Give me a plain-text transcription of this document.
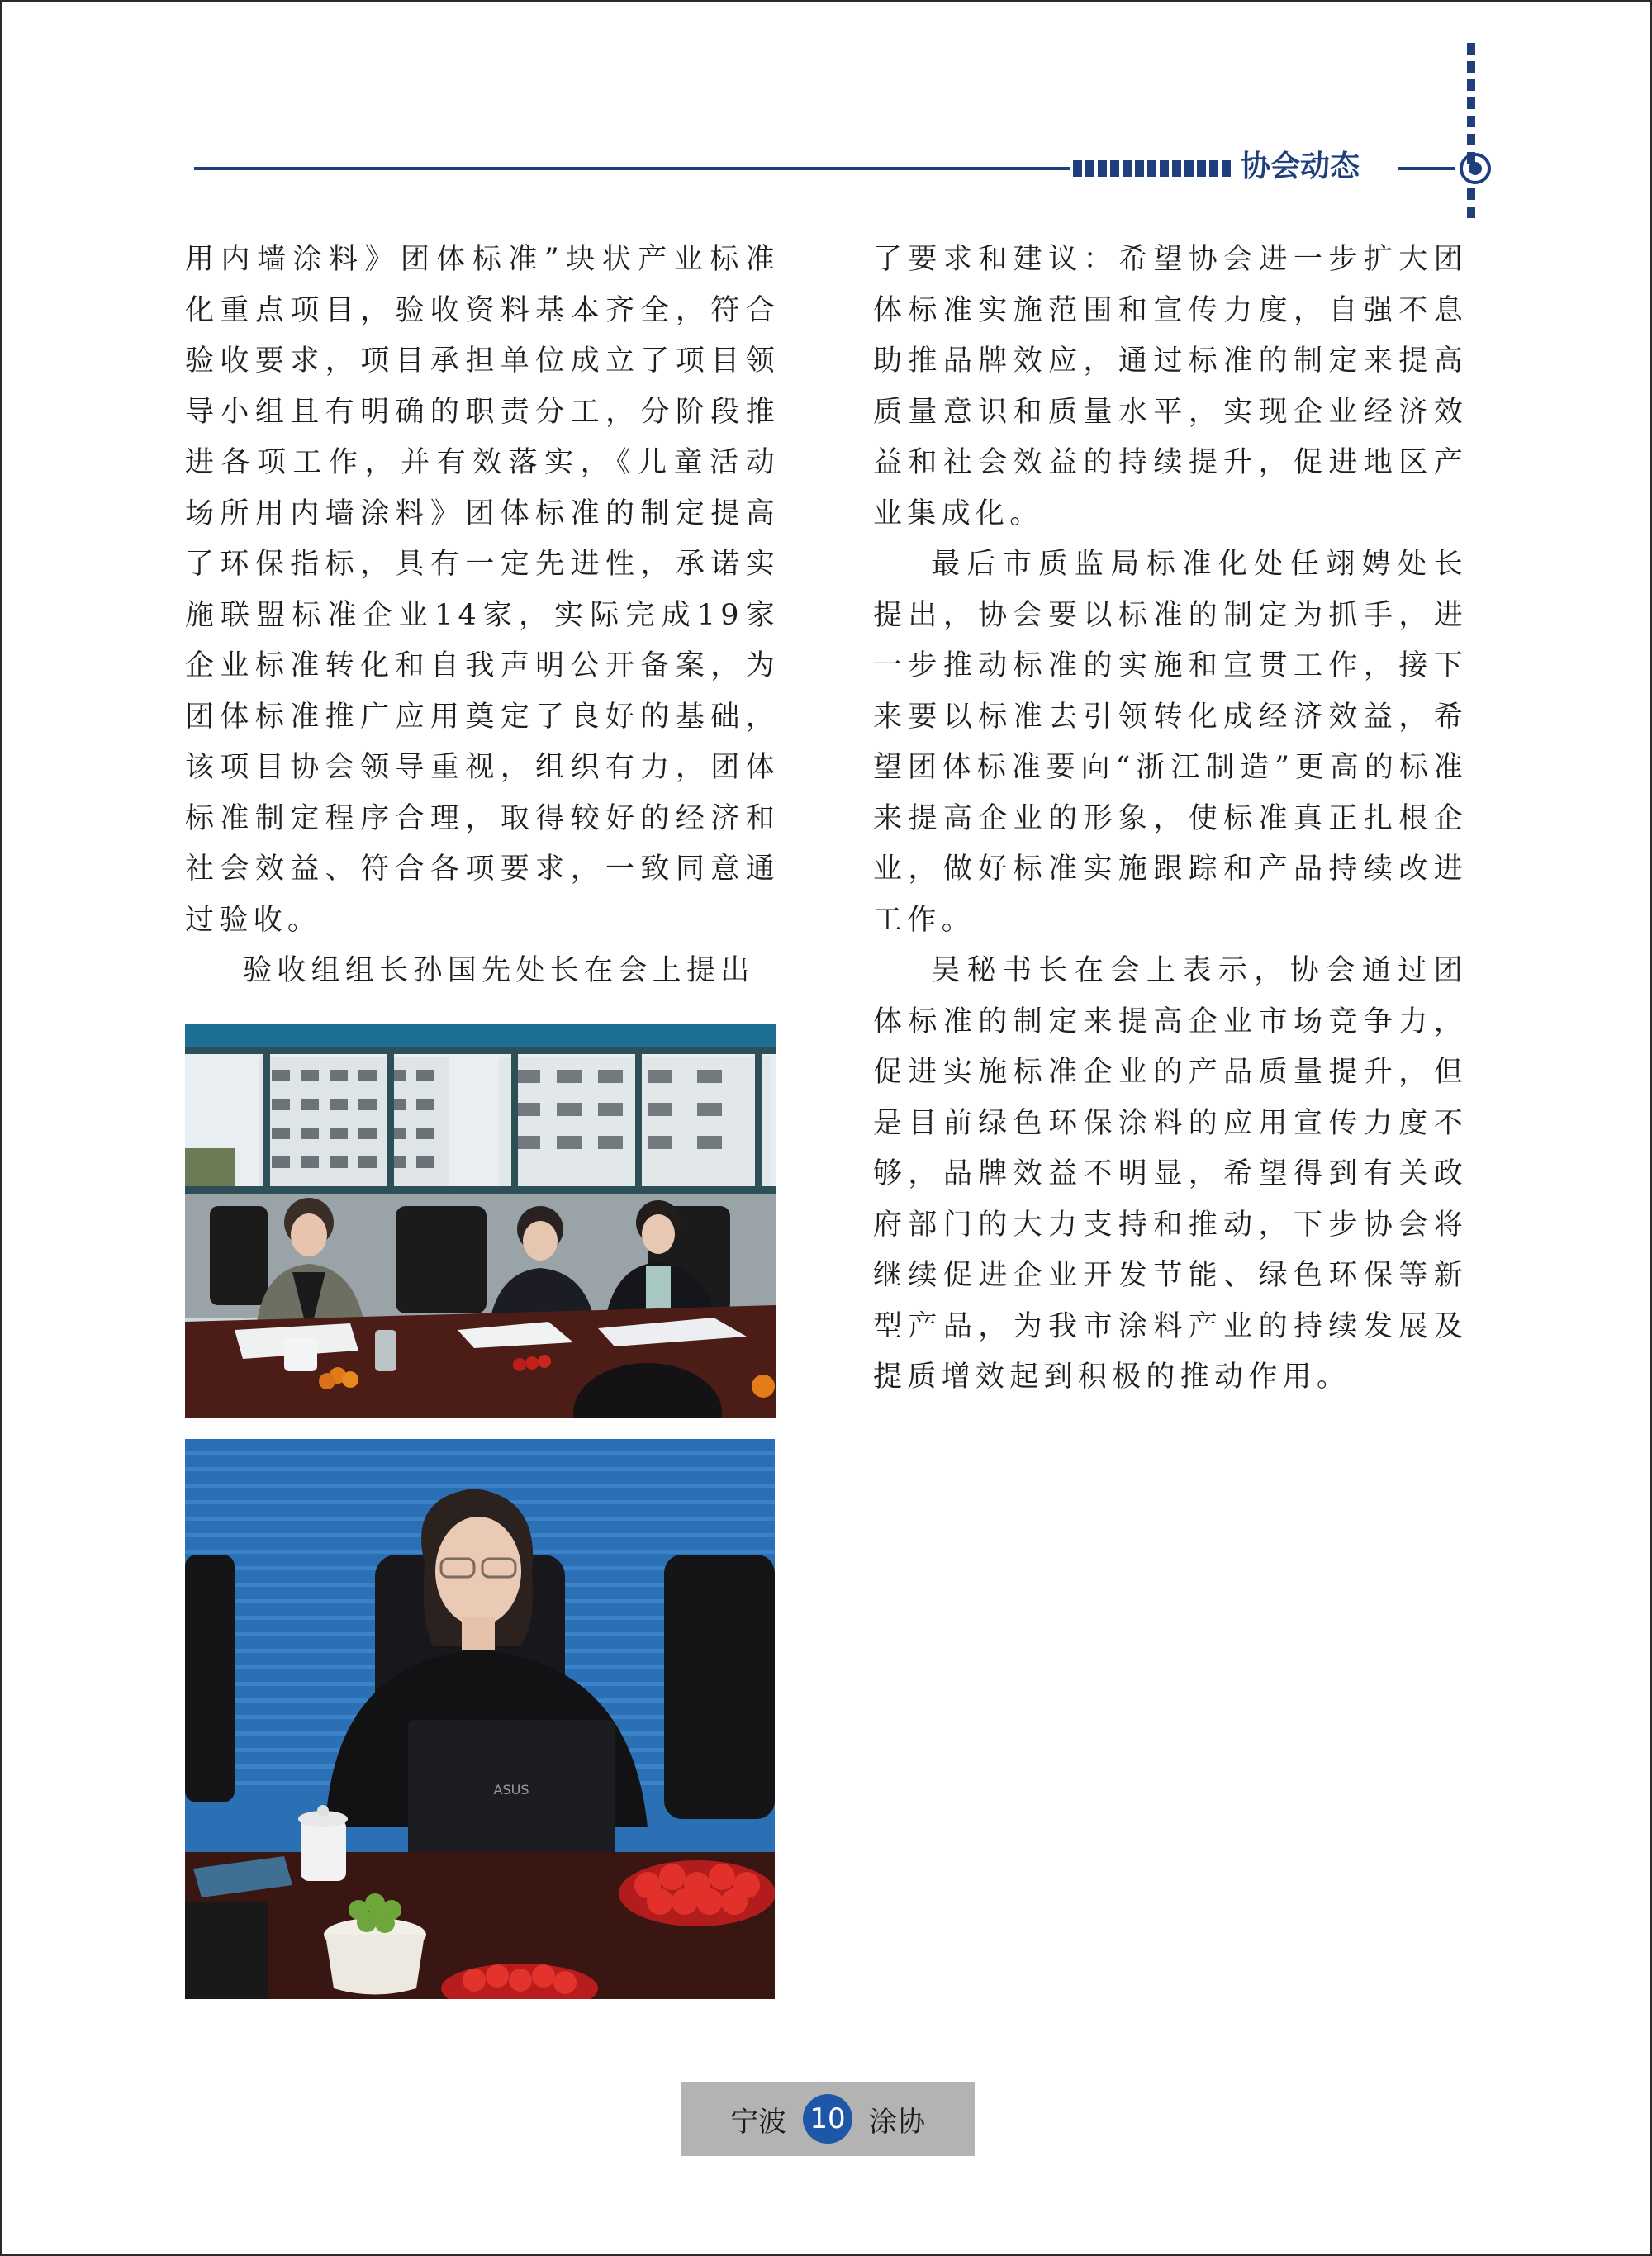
协会动态

用内墙涂料》团体标准”块状产业标准化重点项目，验收资料基本齐全，符合验收要求，项目承担单位成立了项目领导小组且有明确的职责分工，分阶段推进各项工作，并有效落实，《儿童活动场所用内墙涂料》团体标准的制定提高了环保指标，具有一定先进性，承诺实施联盟标准企业14家，实际完成19家企业标准转化和自我声明公开备案，为团体标准推广应用奠定了良好的基础，该项目协会领导重视，组织有力，团体标准制定程序合理，取得较好的经济和社会效益、符合各项要求，一致同意通过验收。

验收组组长孙国先处长在会上提出

了要求和建议：希望协会进一步扩大团体标准实施范围和宣传力度，自强不息助推品牌效应，通过标准的制定来提高质量意识和质量水平，实现企业经济效益和社会效益的持续提升，促进地区产业集成化。

最后市质监局标准化处任翊娉处长提出，协会要以标准的制定为抓手，进一步推动标准的实施和宣贯工作，接下来要以标准去引领转化成经济效益，希望团体标准要向“浙江制造”更高的标准来提高企业的形象，使标准真正扎根企业，做好标准实施跟踪和产品持续改进工作。

吴秘书长在会上表示，协会通过团体标准的制定来提高企业市场竞争力，促进实施标准企业的产品质量提升，但是目前绿色环保涂料的应用宣传力度不够，品牌效益不明显，希望得到有关政府部门的大力支持和推动，下步协会将继续促进企业开发节能、绿色环保等新型产品，为我市涂料产业的持续发展及提质增效起到积极的推动作用。

ASUS
宁波 10 涂协
